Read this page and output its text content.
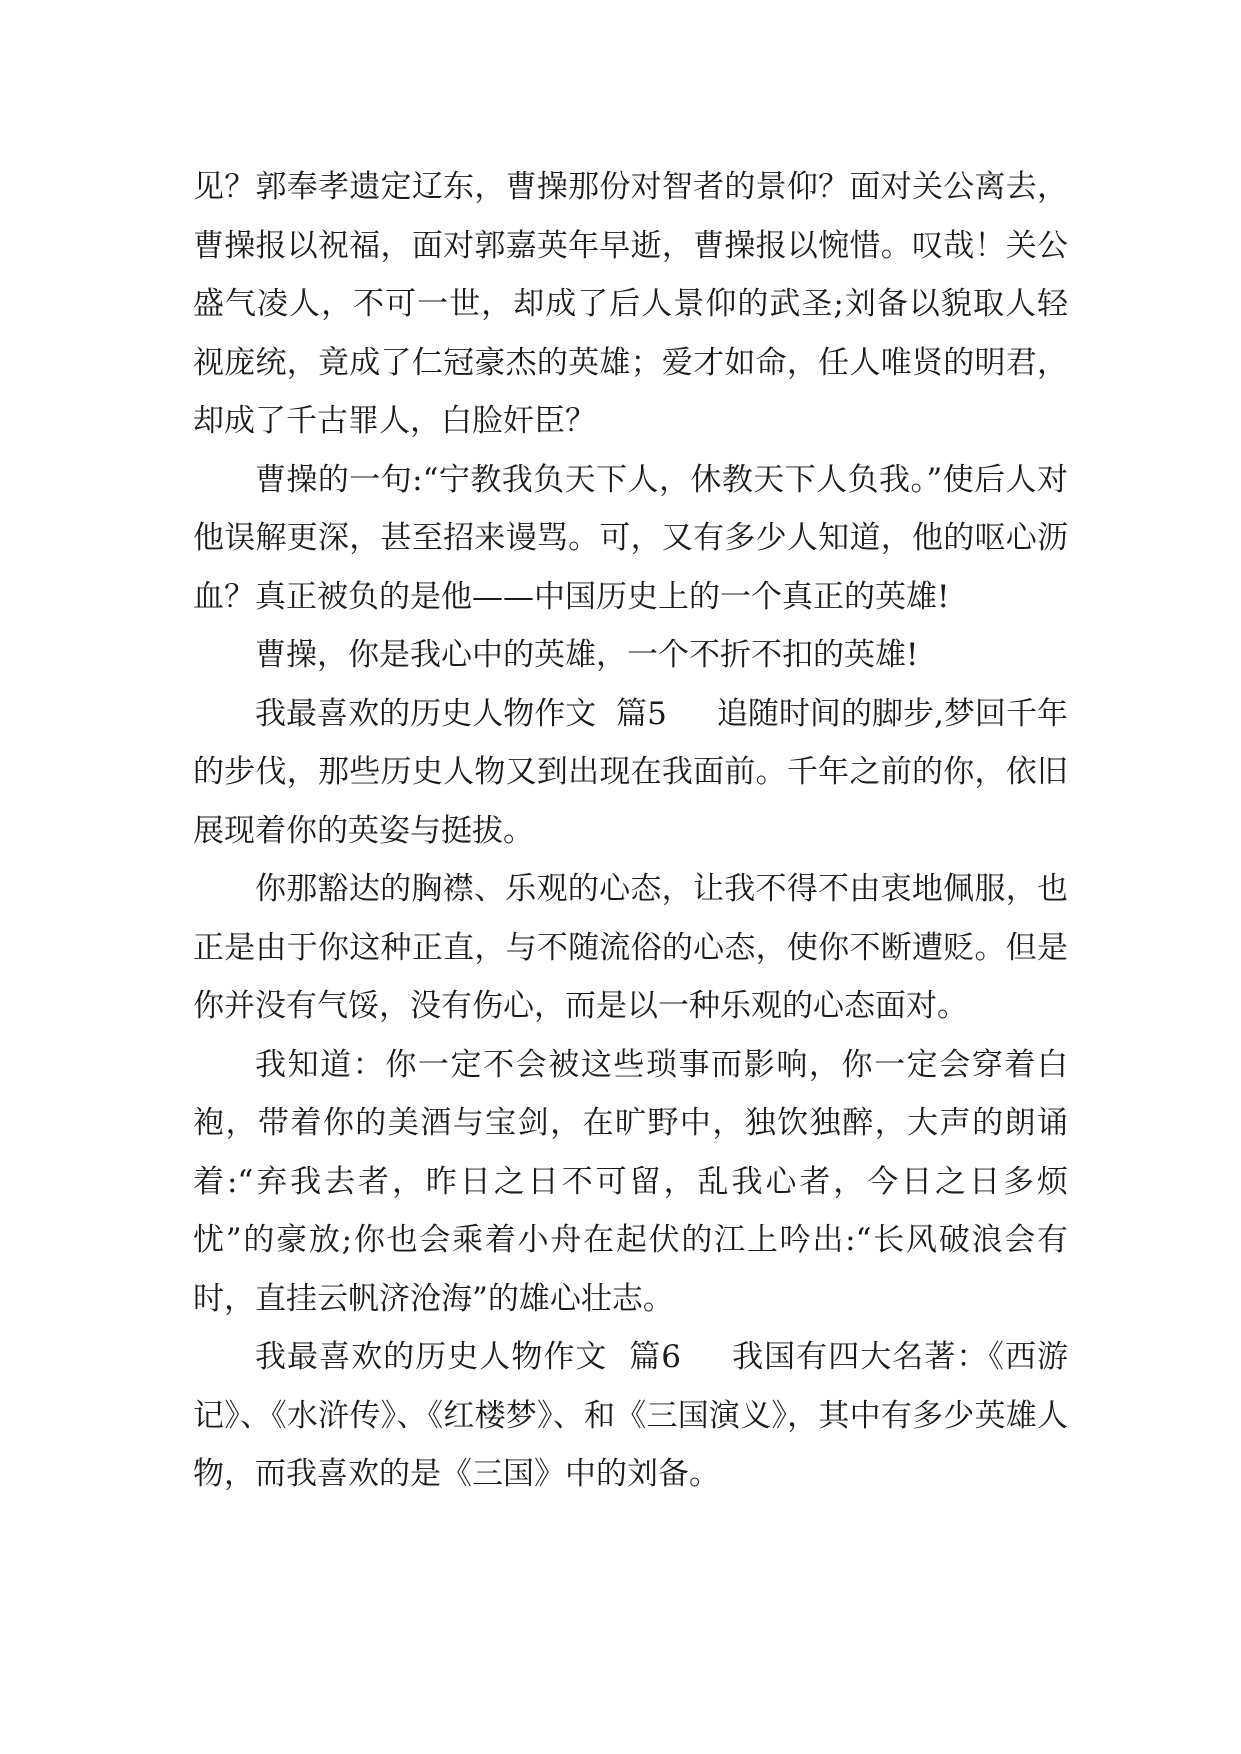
见？郭奉孝遗定辽东，曹操那份对智者的景仰？面对关公离去，曹操报以祝福，面对郭嘉英年早逝，曹操报以惋惜。叹哉！关公盛气凌人，不可一世，却成了后人景仰的武圣;刘备以貌取人轻视庞统，竟成了仁冠豪杰的英雄；爱才如命，任人唯贤的明君，却成了千古罪人，白脸奸臣？

曹操的一句:“宁教我负天下人，休教天下人负我。”使后人对他误解更深，甚至招来谩骂。可，又有多少人知道，他的呕心沥血？真正被负的是他——中国历史上的一个真正的英雄!

曹操，你是我心中的英雄，一个不折不扣的英雄!

我最喜欢的历史人物作文  篇5 追随时间的脚步,梦回千年的步伐，那些历史人物又到出现在我面前。千年之前的你，依旧展现着你的英姿与挺拔。

你那豁达的胸襟、乐观的心态，让我不得不由衷地佩服，也正是由于你这种正直，与不随流俗的心态，使你不断遭贬。但是你并没有气馁，没有伤心，而是以一种乐观的心态面对。

我知道：你一定不会被这些琐事而影响，你一定会穿着白袍，带着你的美酒与宝剑，在旷野中，独饮独醉，大声的朗诵着:“弃我去者，昨日之日不可留，乱我心者，今日之日多烦忧”的豪放;你也会乘着小舟在起伏的江上吟出:“长风破浪会有时，直挂云帆济沧海”的雄心壮志。

我最喜欢的历史人物作文  篇6 我国有四大名著：《西游记》、《水浒传》、《红楼梦》、和《三国演义》，其中有多少英雄人物，而我喜欢的是《三国》中的刘备。
